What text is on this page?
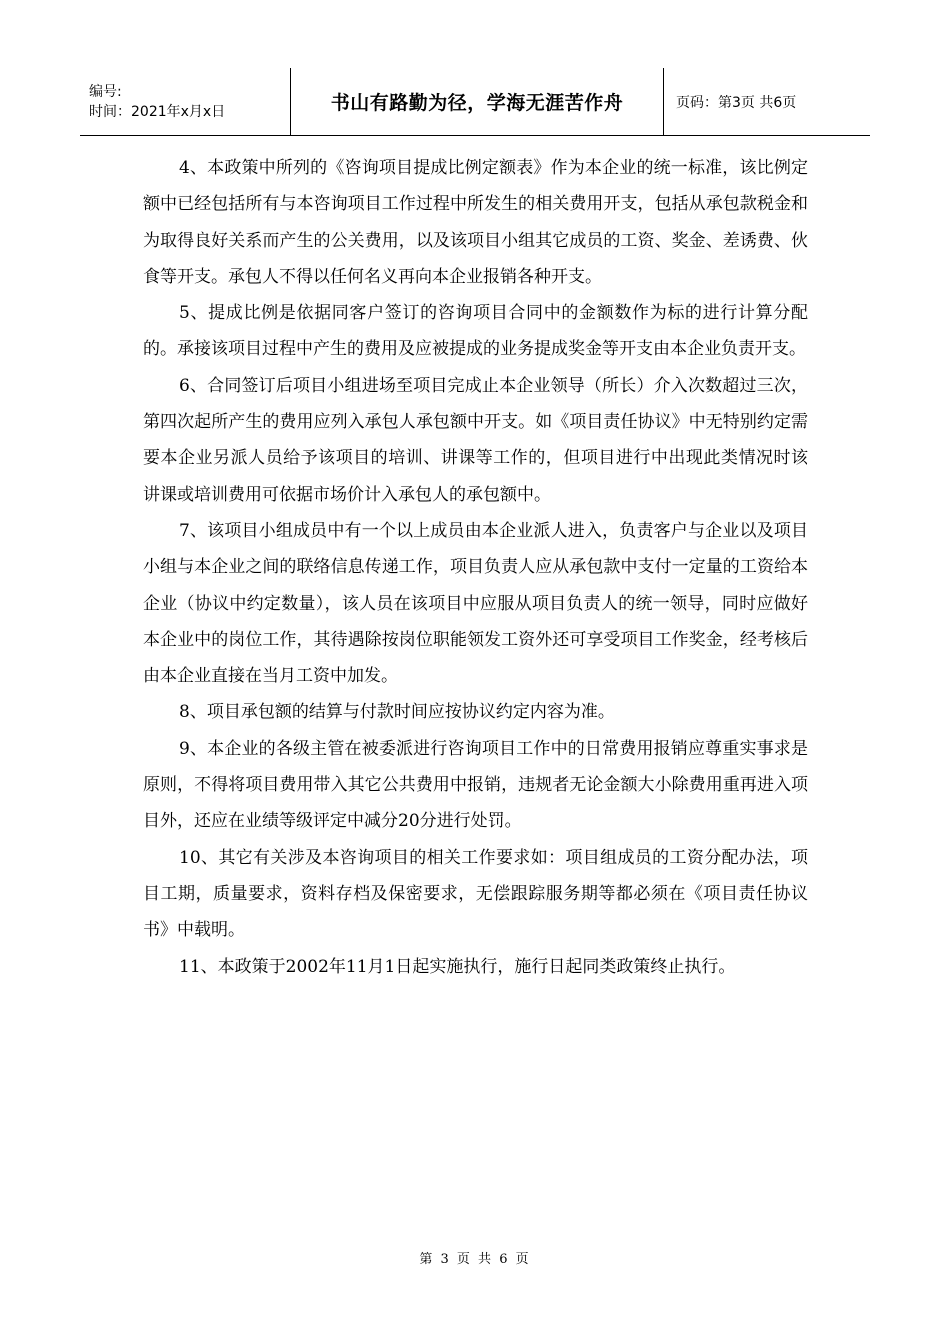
编号:
时间：2021年x月x日	书山有路勤为径，学海无涯苦作舟	页码：第3页 共6页

4、本政策中所列的《咨询项目提成比例定额表》作为本企业的统一标准，该比例定额中已经包括所有与本咨询项目工作过程中所发生的相关费用开支，包括从承包款税金和为取得良好关系而产生的公关费用，以及该项目小组其它成员的工资、奖金、差诱费、伙食等开支。承包人不得以任何名义再向本企业报销各种开支。

5、提成比例是依据同客户签订的咨询项目合同中的金额数作为标的进行计算分配的。承接该项目过程中产生的费用及应被提成的业务提成奖金等开支由本企业负责开支。

6、合同签订后项目小组进场至项目完成止本企业领导（所长）介入次数超过三次，第四次起所产生的费用应列入承包人承包额中开支。如《项目责任协议》中无特别约定需要本企业另派人员给予该项目的培训、讲课等工作的，但项目进行中出现此类情况时该 讲课或培训费用可依据市场价计入承包人的承包额中。

7、该项目小组成员中有一个以上成员由本企业派人进入，负责客户与企业以及项目小组与本企业之间的联络信息传递工作，项目负责人应从承包款中支付一定量的工资给本企业（协议中约定数量），该人员在该项目中应服从项目负责人的统一领导，同时应做好本企业中的岗位工作，其待遇除按岗位职能领发工资外还可享受项目工作奖金，经考核后由本企业直接在当月工资中加发。

8、项目承包额的结算与付款时间应按协议约定内容为准。

9、本企业的各级主管在被委派进行咨询项目工作中的日常费用报销应尊重实事求是原则，不得将项目费用带入其它公共费用中报销，违规者无论金额大小除费用重再进入项目外，还应在业绩等级评定中减分20分进行处罚。

10、其它有关涉及本咨询项目的相关工作要求如：项目组成员的工资分配办法，项目工期，质量要求，资料存档及保密要求，无偿跟踪服务期等都必须在《项目责任协议书》中载明。

11、本政策于2002年11月1日起实施执行，施行日起同类政策终止执行。

第 3 页 共 6 页
